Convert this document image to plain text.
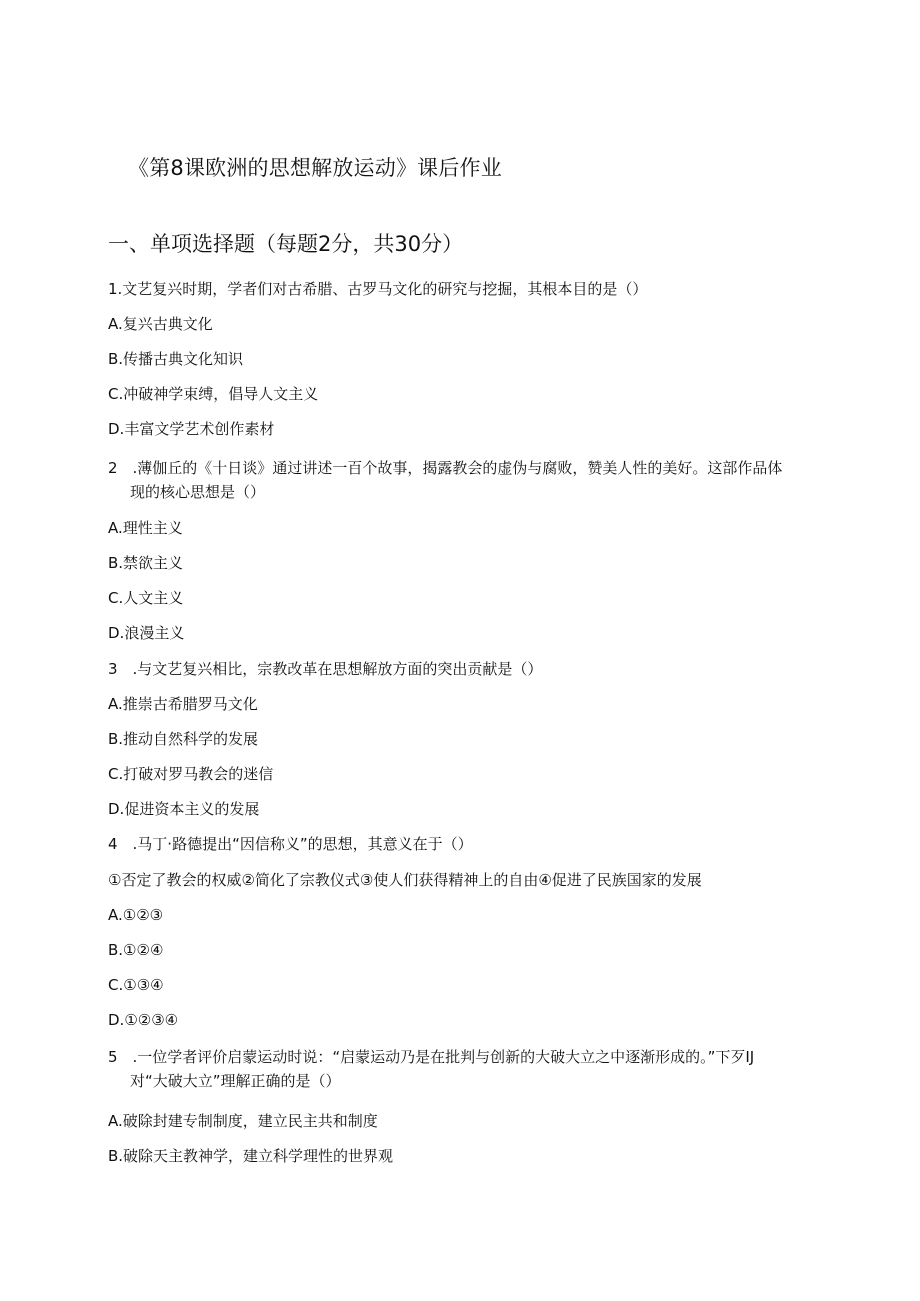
《第8课欧洲的思想解放运动》课后作业
一、单项选择题（每题2分，共30分）

1.文艺复兴时期，学者们对古希腊、古罗马文化的研究与挖掘，其根本目的是（）

A.复兴古典文化

B.传播古典文化知识

C.冲破神学束缚，倡导人文主义

D.丰富文学艺术创作素材

2　.薄伽丘的《十日谈》通过讲述一百个故事，揭露教会的虚伪与腐败，赞美人性的美好。这部作品体
现的核心思想是（）

A.理性主义

B.禁欲主义

C.人文主义

D.浪漫主义

3　.与文艺复兴相比，宗教改革在思想解放方面的突出贡献是（）

A.推崇古希腊罗马文化

B.推动自然科学的发展

C.打破对罗马教会的迷信

D.促进资本主义的发展

4　.马丁·路德提出“因信称义”的思想，其意义在于（）

①否定了教会的权威②简化了宗教仪式③使人们获得精神上的自由④促进了民族国家的发展

A.①②③

B.①②④

C.①③④

D.①②③④

5　.一位学者评价启蒙运动时说：“启蒙运动乃是在批判与创新的大破大立之中逐渐形成的。”下歹IJ
对“大破大立”理解正确的是（）

A.破除封建专制制度，建立民主共和制度

B.破除天主教神学，建立科学理性的世界观
